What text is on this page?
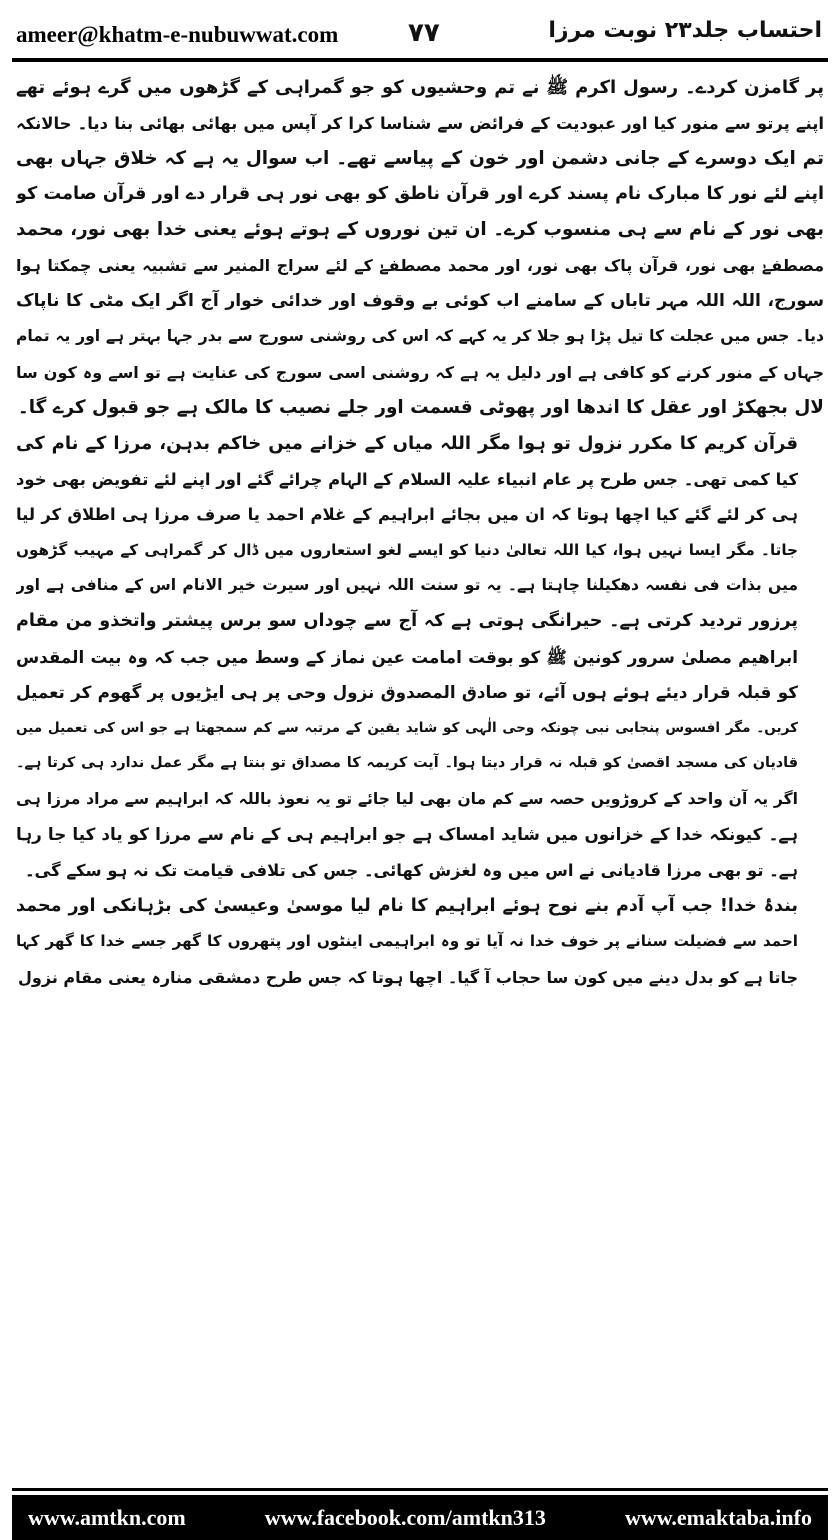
ameer@khatm-e-nubuwwat.com	۷۷	احتساب جلد۲۳ نوبت مرزا

پر گامزن کردے۔ رسول اکرم ﷺ نے تم وحشیوں کو جو گمراہی کے گڑھوں میں گرے ہوئے تھے
اپنے پرتو سے منور کیا اور عبودیت کے فرائض سے شناسا کرا کر آپس میں بھائی بھائی بنا دیا۔ حالانکہ
تم ایک دوسرے کے جانی دشمن اور خون کے پیاسے تھے۔ اب سوال یہ ہے کہ خلاق جہاں بھی
اپنے لئے نور کا مبارک نام پسند کرے اور قرآن ناطق کو بھی نور ہی قرار دے اور قرآن صامت کو
بھی نور کے نام سے ہی منسوب کرے۔ ان تین نوروں کے ہوتے ہوئے یعنی خدا بھی نور، محمد
مصطفےٰ بھی نور، قرآن پاک بھی نور، اور محمد مصطفےٰ کے لئے سراج المنیر سے تشبیہ یعنی چمکتا ہوا
سورج، اللہ اللہ مہر تاباں کے سامنے اب کوئی بے وقوف اور خدائی خوار آج اگر ایک مٹی کا ناپاک
دیا۔ جس میں عجلت کا تیل پڑا ہو جلا کر یہ کہے کہ اس کی روشنی سورج سے بدر جہا بہتر ہے اور یہ تمام
جہاں کے منور کرنے کو کافی ہے اور دلیل یہ ہے کہ روشنی اسی سورج کی عنایت ہے تو اسے وہ کون سا
لال بجھکڑ اور عقل کا اندھا اور پھوٹی قسمت اور جلے نصیب کا مالک ہے جو قبول کرے گا۔

قرآن کریم کا مکرر نزول تو ہوا مگر اللہ میاں کے خزانے میں خاکم بدہن، مرزا کے نام کی
کیا کمی تھی۔ جس طرح پر عام انبیاء علیہ السلام کے الہام چرائے گئے اور اپنے لئے تفویض بھی خود
ہی کر لئے گئے کیا اچھا ہوتا کہ ان میں بجائے ابراہیم کے غلام احمد یا صرف مرزا ہی اطلاق کر لیا
جاتا۔ مگر ایسا نہیں ہوا، کیا اللہ تعالیٰ دنیا کو ایسے لغو استعاروں میں ڈال کر گمراہی کے مہیب گڑھوں
میں بذات فی نفسہ دھکیلنا چاہتا ہے۔ یہ تو سنت اللہ نہیں اور سیرت خیر الانام اس کے منافی ہے اور
پرزور تردید کرتی ہے۔ حیرانگی ہوتی ہے کہ آج سے چوداں سو برس پیشتر واتخذو من مقام
ابراھیم مصلیٰ سرور کونین ﷺ کو بوقت امامت عین نماز کے وسط میں جب کہ وہ بیت المقدس
کو قبلہ قرار دیئے ہوئے ہوں آئے، تو صادق المصدوق نزول وحی پر ہی ایڑیوں پر گھوم کر تعمیل
کریں۔ مگر افسوس پنجابی نبی چونکہ وحی الٰہی کو شاید یقین کے مرتبہ سے کم سمجھتا ہے جو اس کی تعمیل میں
قادیان کی مسجد اقصیٰ کو قبلہ نہ قرار دیتا ہوا۔ آیت کریمہ کا مصداق تو بنتا ہے مگر عمل ندارد ہی کرتا ہے۔
اگر یہ آن واحد کے کروڑویں حصہ سے کم مان بھی لیا جائے تو یہ نعوذ باللہ کہ ابراہیم سے مراد مرزا ہی
ہے۔ کیونکہ خدا کے خزانوں میں شاید امساک ہے جو ابراہیم ہی کے نام سے مرزا کو یاد کیا جا رہا
ہے۔ تو بھی مرزا قادیانی نے اس میں وہ لغزش کھائی۔ جس کی تلافی قیامت تک نہ ہو سکے گی۔

بندۂ خدا! جب آپ آدم بنے نوح ہوئے ابراہیم کا نام لیا موسیٰ وعیسیٰ کی بڑہانکی اور محمد
احمد سے فضیلت سنانے پر خوف خدا نہ آیا تو وہ ابراہیمی اینٹوں اور پتھروں کا گھر جسے خدا کا گھر کہا
جاتا ہے کو بدل دینے میں کون سا حجاب آ گیا۔ اچھا ہوتا کہ جس طرح دمشقی منارہ یعنی مقام نزول

www.amtkn.com	www.facebook.com/amtkn313	www.emaktaba.info
